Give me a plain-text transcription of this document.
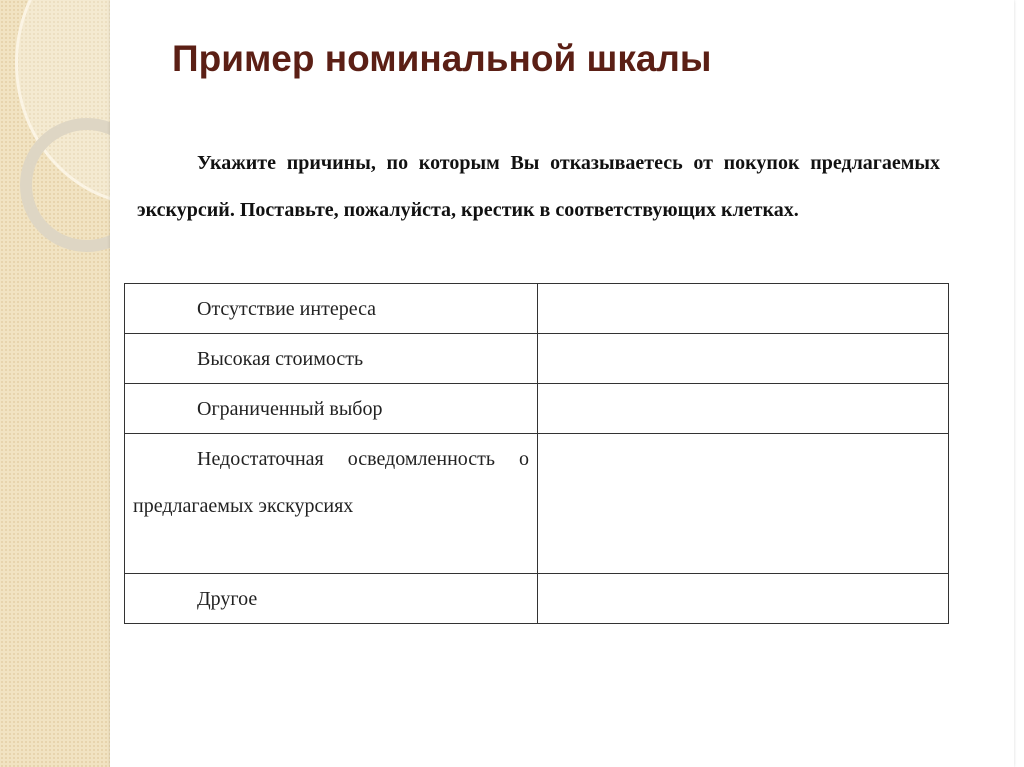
Пример номинальной шкалы
Укажите причины, по которым Вы отказываетесь от покупок предлагаемых экскурсий. Поставьте, пожалуйста, крестик в соответствующих клетках.
Отсутствие интереса	

Высокая стоимость	

Ограниченный выбор	

Недостаточная осведомленность о предлагаемых экскурсиях	

Другое	
